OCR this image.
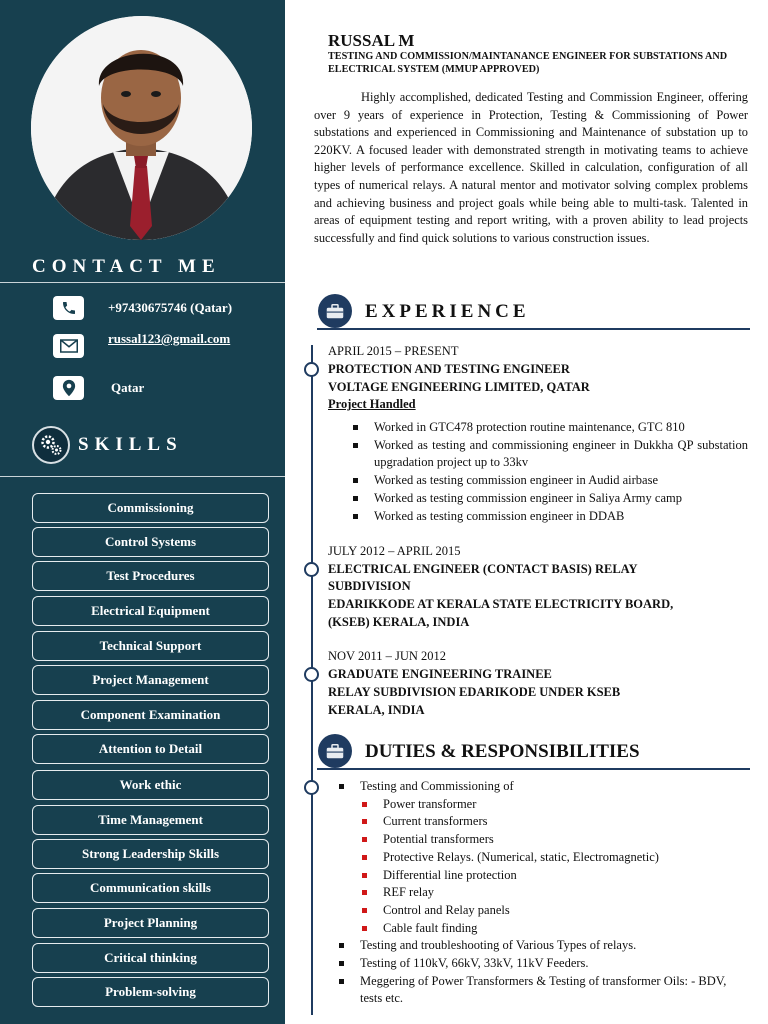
CONTACT ME
+97430675746 (Qatar)
russal123@gmail.com
Qatar
SKILLS
Commissioning
Control Systems
Test Procedures
Electrical Equipment
Technical Support
Project Management
Component Examination
Attention to Detail
Work ethic
Time Management
Strong Leadership Skills
Communication skills
Project Planning
Critical thinking
Problem-solving
RUSSAL M
TESTING AND COMMISSION/MAINTANANCE ENGINEER FOR SUBSTATIONS AND ELECTRICAL SYSTEM (MMUP APPROVED)

Highly accomplished, dedicated Testing and Commission Engineer, offering over 9 years of experience in Protection, Testing & Commissioning of Power substations and experienced in Commissioning and Maintenance of substation up to 220KV. A focused leader with demonstrated strength in motivating teams to achieve higher levels of performance excellence. Skilled in calculation, configuration of all types of numerical relays. A natural mentor and motivator solving complex problems and achieving business and project goals while being able to multi-task. Talented in areas of equipment testing and report writing, with a proven ability to lead projects successfully and find quick solutions to various construction issues.

EXPERIENCE
APRIL 2015 – PRESENT
PROTECTION AND TESTING ENGINEER
VOLTAGE ENGINEERING LIMITED, QATAR
Project Handled
Worked in GTC478 protection routine maintenance, GTC 810
Worked as testing and commissioning engineer in Dukkha QP substation upgradation project up to 33kv
Worked as testing commission engineer in Audid airbase
Worked as testing commission engineer in Saliya Army camp
Worked as testing commission engineer in DDAB
JULY 2012 – APRIL 2015
ELECTRICAL ENGINEER (CONTACT BASIS) RELAY
SUBDIVISION
EDARIKKODE AT KERALA STATE ELECTRICITY BOARD,
(KSEB) KERALA, INDIA
NOV 2011 – JUN 2012
GRADUATE ENGINEERING TRAINEE
RELAY SUBDIVISION EDARIKODE UNDER KSEB
KERALA, INDIA
DUTIES & RESPONSIBILITIES
Testing and Commissioning of
Power transformer
Current transformers
Potential transformers
Protective Relays. (Numerical, static, Electromagnetic)
Differential line protection
REF relay
Control and Relay panels
Cable fault finding
Testing and troubleshooting of Various Types of relays.
Testing of 110kV, 66kV, 33kV, 11kV Feeders.
Meggering of Power Transformers & Testing of transformer Oils: - BDV, tests etc.
